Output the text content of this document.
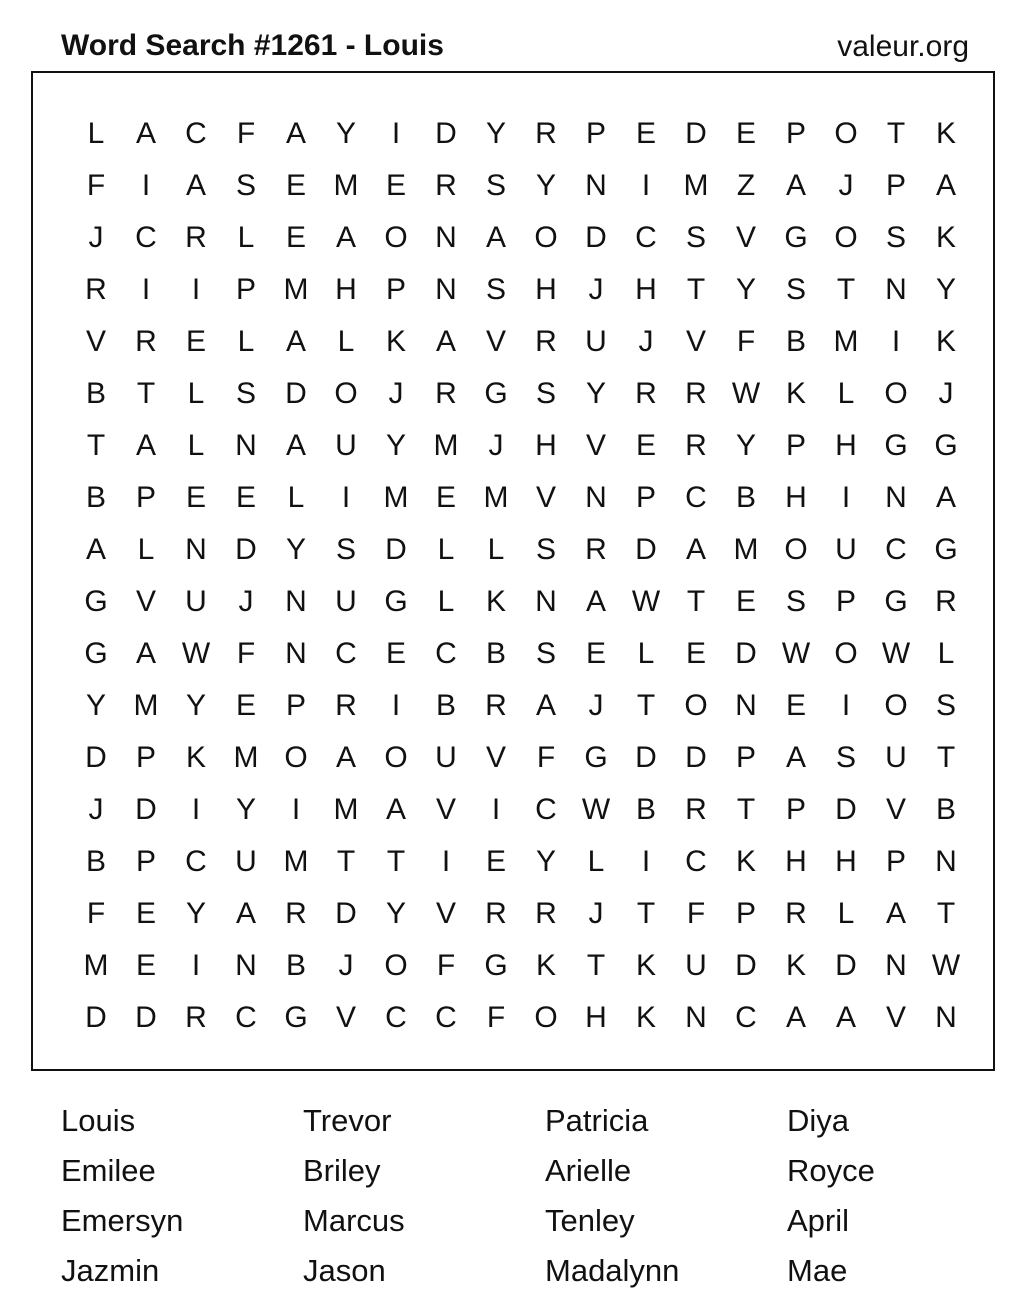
Word Search #1261 - Louis	valeur.org
L	A C	F	A Y	I	D Y R P E D E P O T	K
F	I	A S E M E R S Y N	I	M Z	A	J	P A
J	C R	L	E A O N A O D C S V G O S K
R	I	I	P M H P N S H	J	H	T	Y S	T	N Y
V R E	L	A	L	K A V R U	J	V	F	B M	I	K
B	T	L	S D O	J	R G S Y R R W K	L O	J
T	A	L	N A U Y M	J	H V E R Y P H G G
B P E E	L	I	M E M V N P C B H	I	N A
A	L	N D Y S D	L	L	S R D A M O U C G
G V U	J	N U G L	K N A W T	E S P G R
G A W F	N C E C B S E	L	E D W O W L
Y M Y E P R	I	B R A	J	T O N E	I	O S
D P K M O A O U V	F G D D P A S U	T
J	D	I	Y	I	M A V	I	C W B R	T	P D V B
B P C U M T	T	I	E Y	L	I	C K H H P N
F	E Y A R D Y V R R	J	T	F	P R	L	A	T
M E	I	N B	J	O F G K	T	K U D K D N W
D D R C G V C C	F O H K N C A A V N
Louis	Trevor	Patricia	Diya
Emilee	Briley	Arielle	Royce
Emersyn	Marcus	Tenley	April
Jazmin	Jason	Madalynn	Mae
